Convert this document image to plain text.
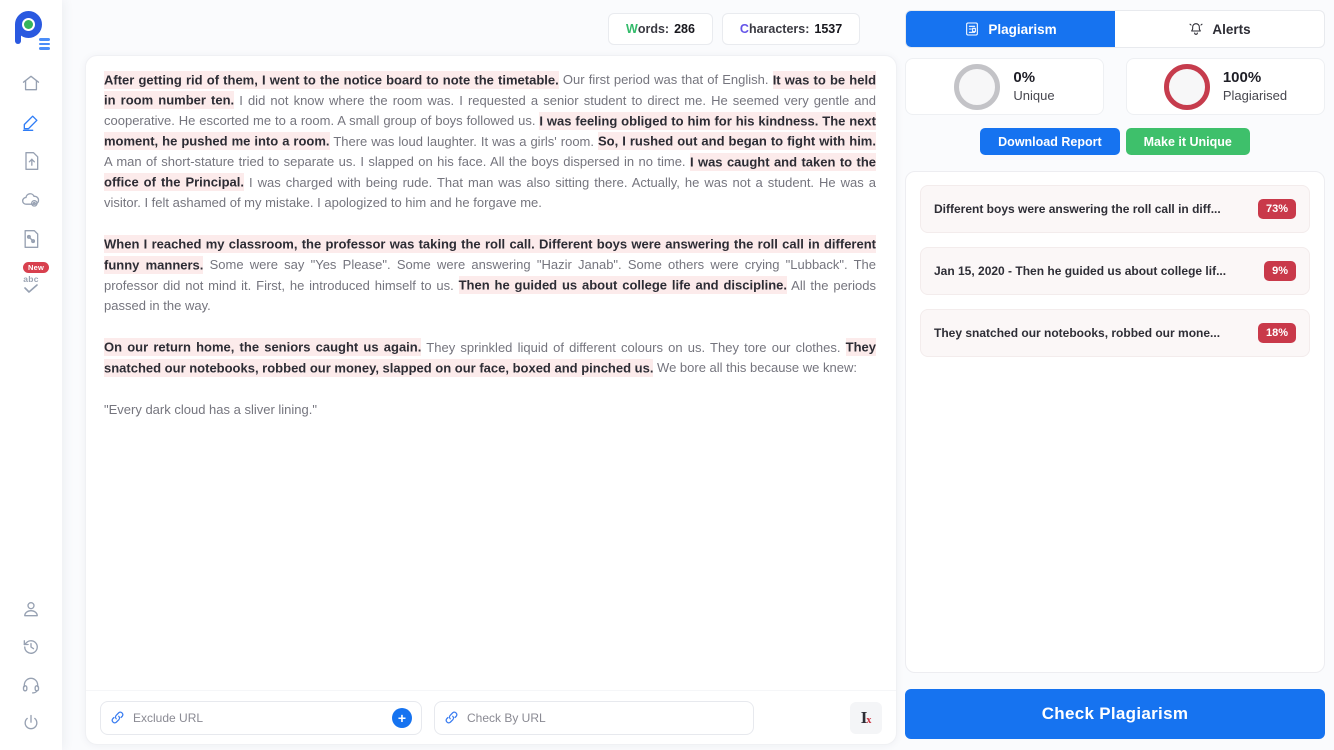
New
abc
Words: 286	Characters: 1537

After getting rid of them, I went to the notice board to note the timetable. Our first period was that of English. It was to be held in room number ten. I did not know where the room was. I requested a senior student to direct me. He seemed very gentle and cooperative. He escorted me to a room. A small group of boys followed us. I was feeling obliged to him for his kindness. The next moment, he pushed me into a room. There was loud laughter. It was a girls' room. So, I rushed out and began to fight with him. A man of short-stature tried to separate us. I slapped on his face. All the boys dispersed in no time. I was caught and taken to the office of the Principal. I was charged with being rude. That man was also sitting there. Actually, he was not a student. He was a visitor. I felt ashamed of my mistake. I apologized to him and he forgave me.

When I reached my classroom, the professor was taking the roll call. Different boys were answering the roll call in different funny manners. Some were say "Yes Please". Some were answering "Hazir Janab". Some others were crying "Lubback". The professor did not mind it. First, he introduced himself to us. Then he guided us about college life and discipline. All the periods passed in the way.

On our return home, the seniors caught us again. They sprinkled liquid of different colours on us. They tore our clothes. They snatched our notebooks, robbed our money, slapped on our face, boxed and pinched us. We bore all this because we knew:

"Every dark cloud has a sliver lining."

Exclude URL
+
Check By URL	I x
Plagiarism	Alerts
0%
Unique
100%
Plagiarised
Download Report	Make it Unique
Different boys were answering the roll call in diff...	73%
Jan 15, 2020 - Then he guided us about college lif...	9%
They snatched our notebooks, robbed our mone...	18%
Check Plagiarism
